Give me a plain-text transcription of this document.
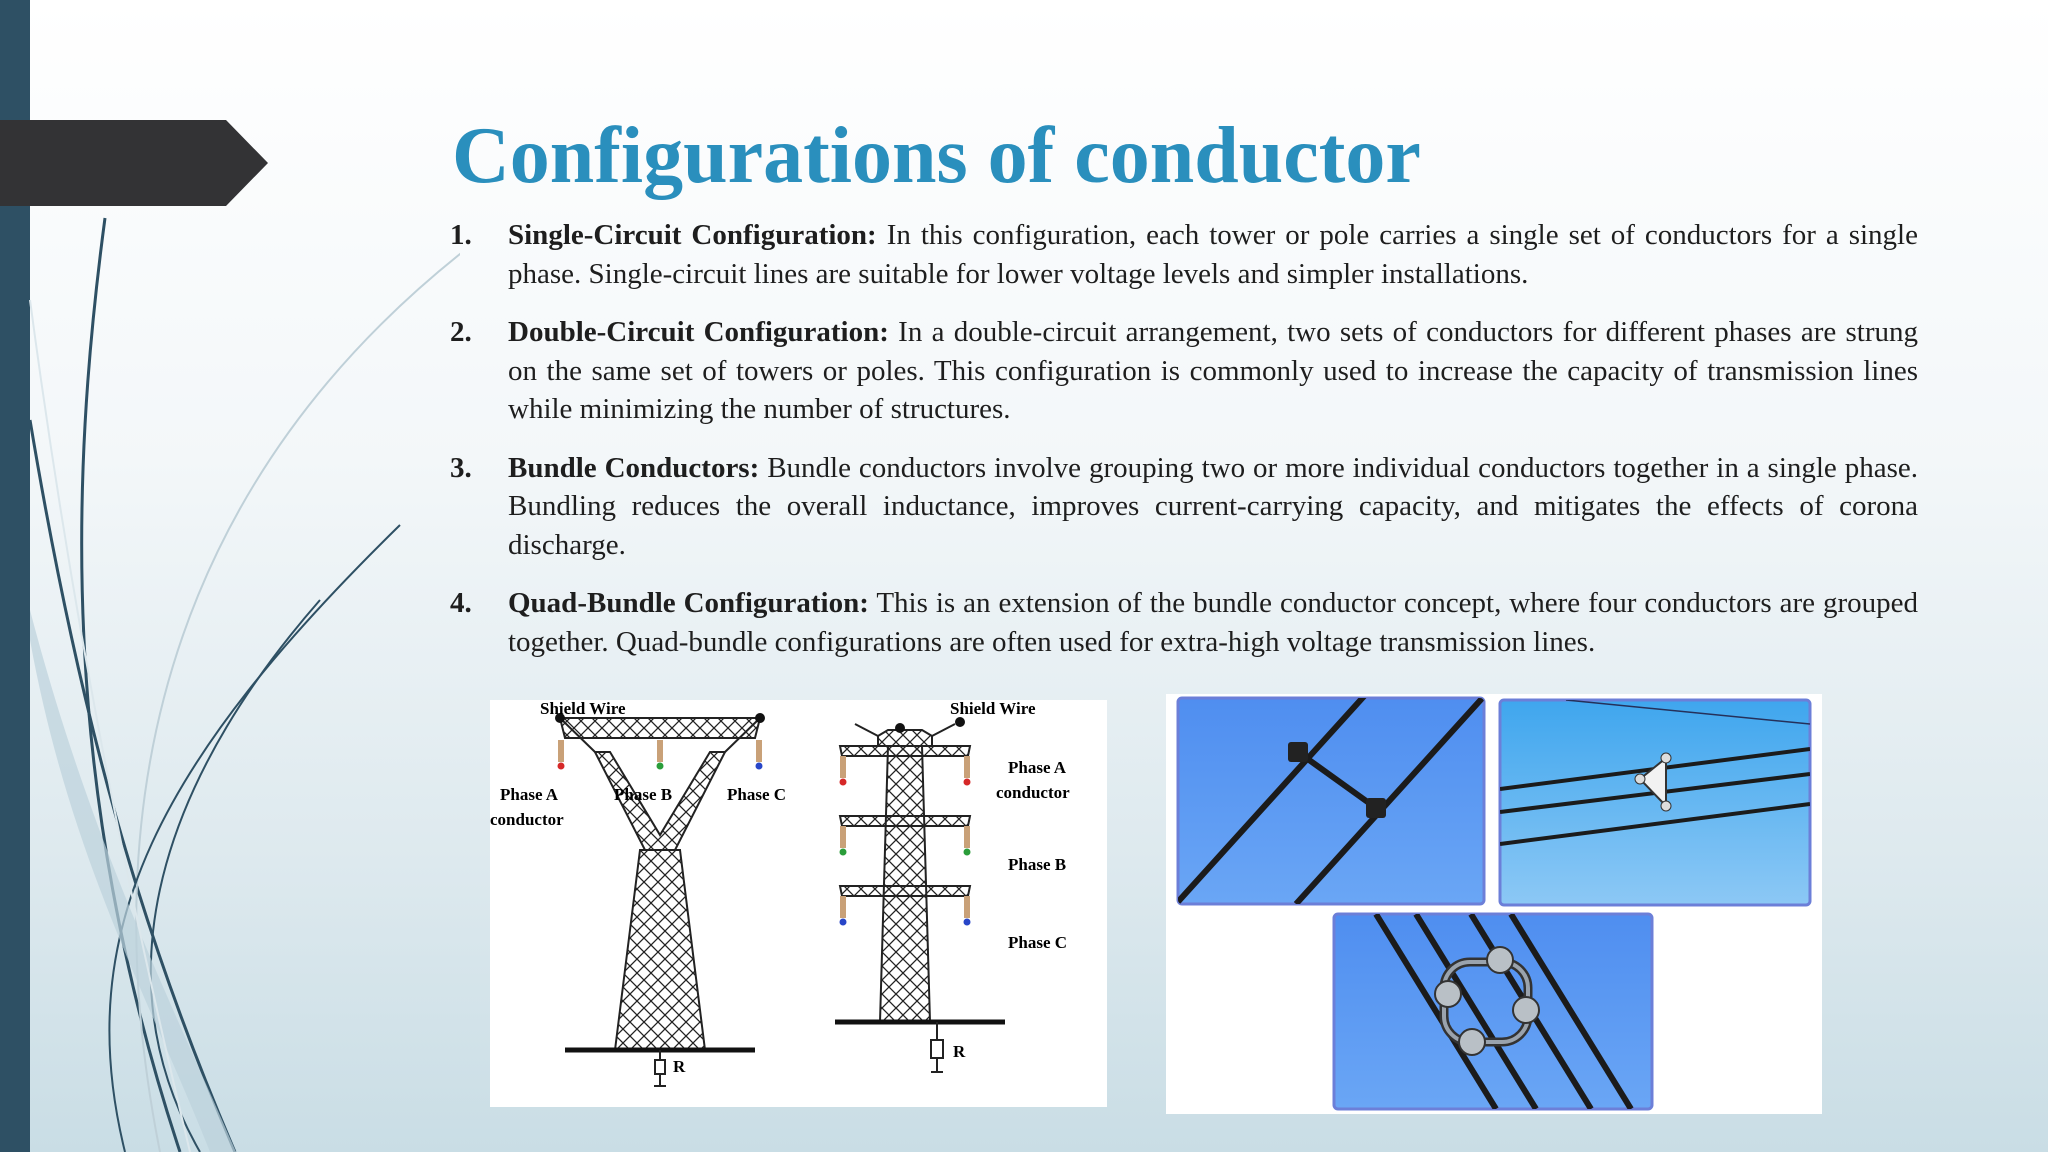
Configurations of conductor
1. Single-Circuit Configuration: In this configuration, each tower or pole carries a single set of conductors for a single phase. Single-circuit lines are suitable for lower voltage levels and simpler installations.
2. Double-Circuit Configuration: In a double-circuit arrangement, two sets of conductors for different phases are strung on the same set of towers or poles. This configuration is commonly used to increase the capacity of transmission lines while minimizing the number of structures.
3. Bundle Conductors: Bundle conductors involve grouping two or more individual conductors together in a single phase. Bundling reduces the overall inductance, improves current-carrying capacity, and mitigates the effects of corona discharge.
4. Quad-Bundle Configuration: This is an extension of the bundle conductor concept, where four conductors are grouped together. Quad-bundle configurations are often used for extra-high voltage transmission lines.
Shield Wire
Phase A
conductor
Phase B	Phase C
R
Shield Wire
Phase A
conductor
Phase B
Phase C
R
